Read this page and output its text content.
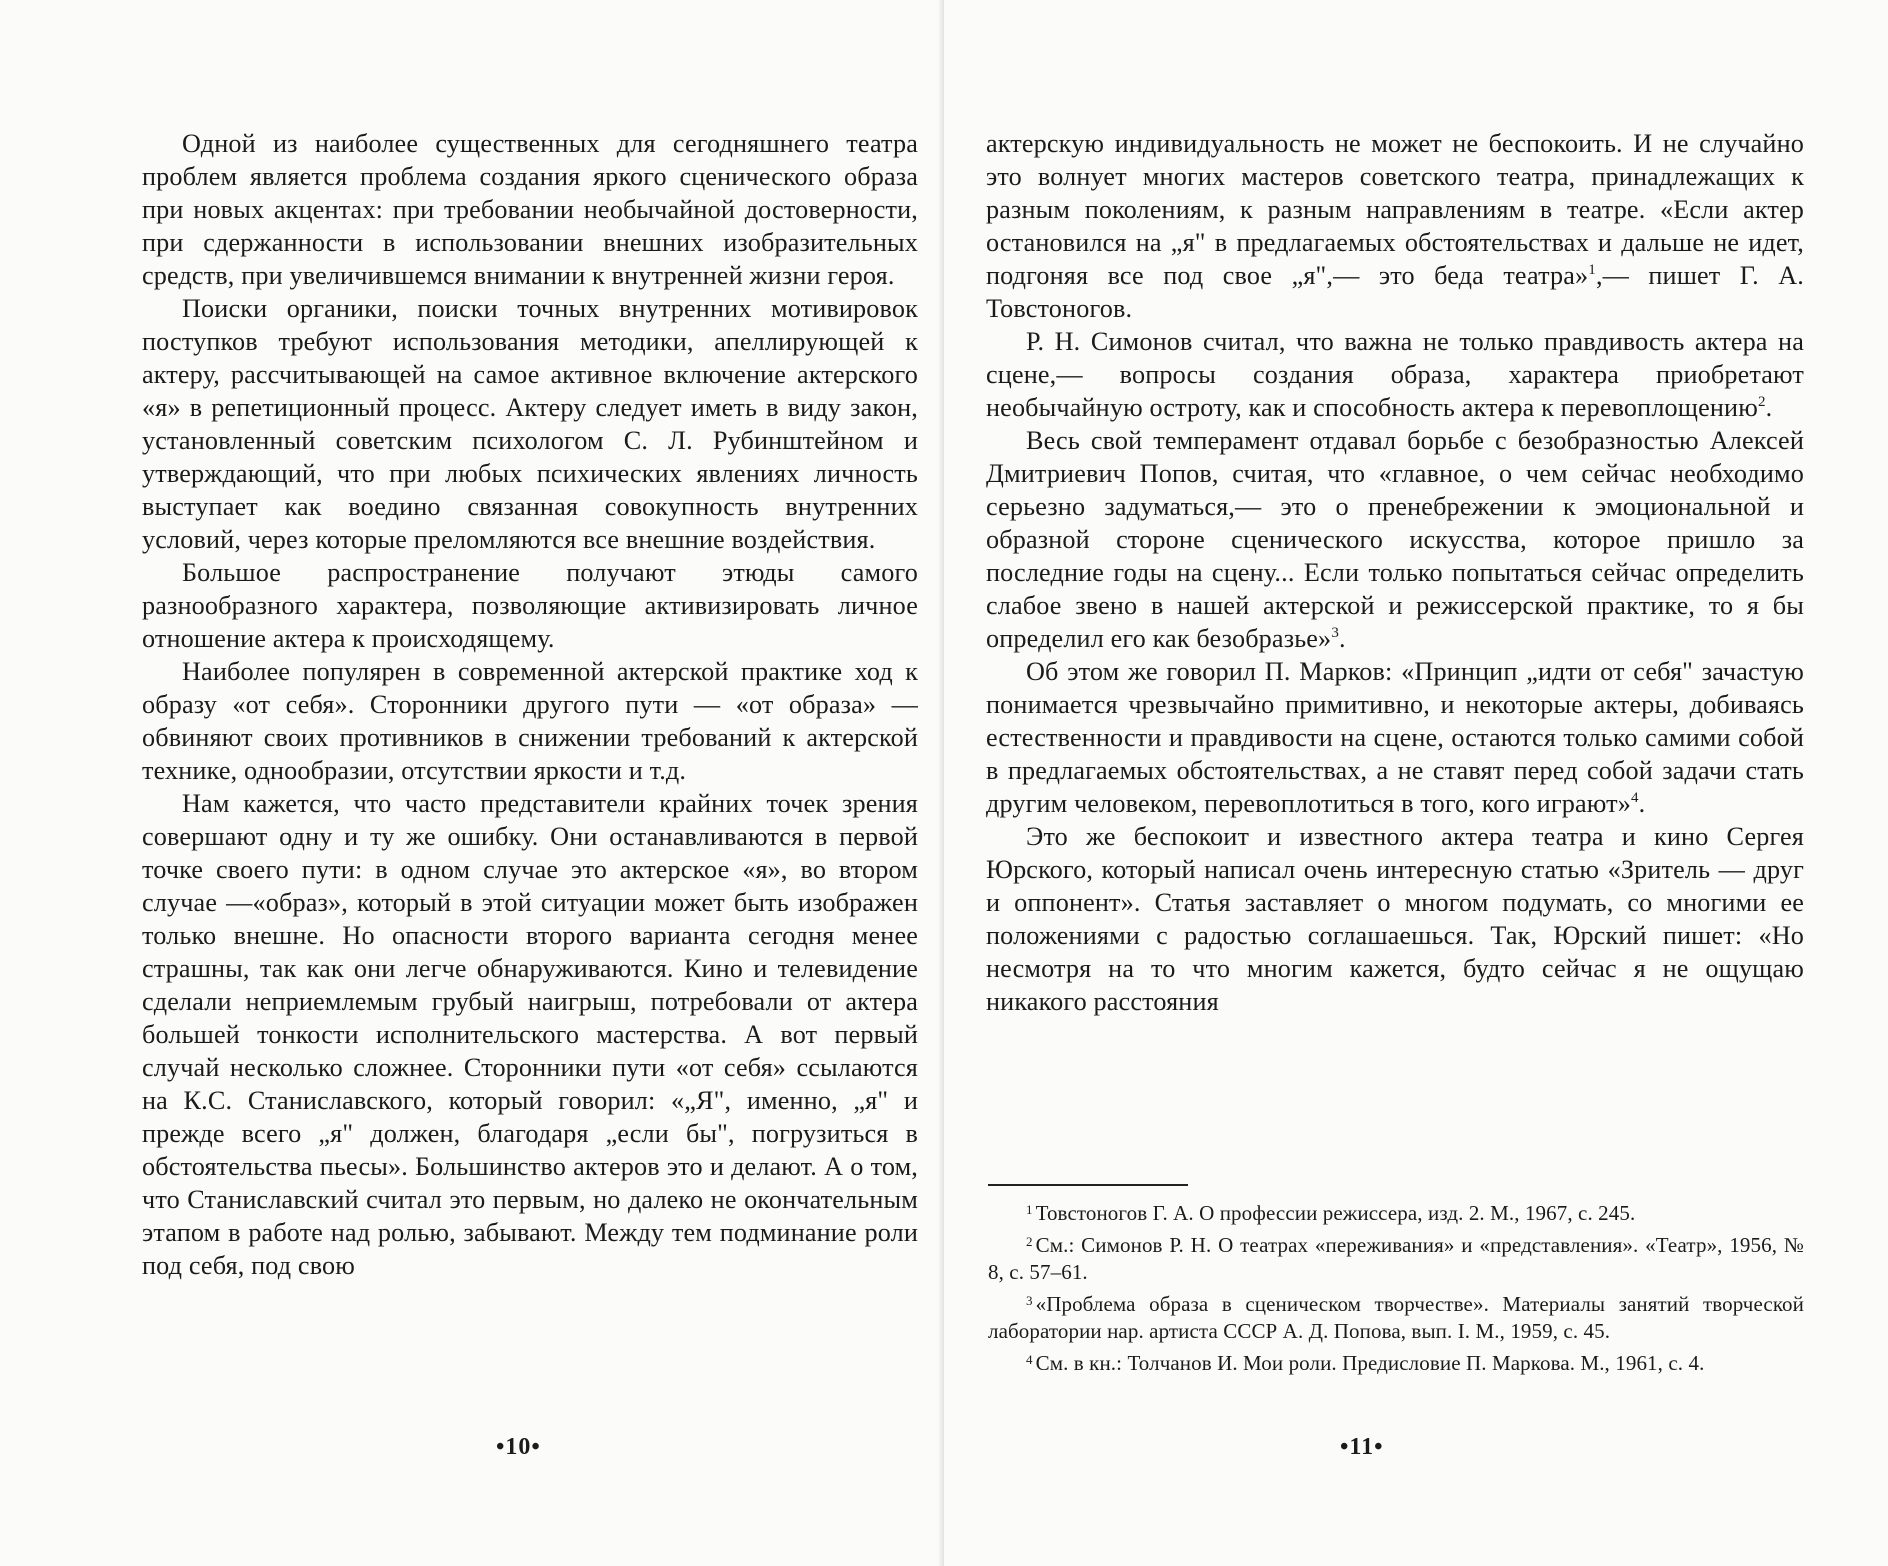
Одной из наиболее существенных для сегодняшнего театра проблем является проблема создания яркого сценического образа при новых акцентах: при требовании необычайной достоверности, при сдержанности в использовании внешних изобразительных средств, при увеличившемся внимании к внутренней жизни героя.

Поиски органики, поиски точных внутренних мотивировок поступков требуют использования методики, апеллирующей к актеру, рассчитывающей на самое активное включение актерского «я» в репетиционный процесс. Актеру следует иметь в виду закон, установленный советским психологом С. Л. Рубинштейном и утверждающий, что при любых психических явлениях личность выступает как воедино связанная совокупность внутренних условий, через которые преломляются все внешние воздействия.

Большое распространение получают этюды самого разнообразного характера, позволяющие активизировать личное отношение актера к происходящему.

Наиболее популярен в современной актерской практике ход к образу «от себя». Сторонники другого пути — «от образа» — обвиняют своих противников в снижении требований к актерской технике, однообразии, отсутствии яркости и т.д.

Нам кажется, что часто представители крайних точек зрения совершают одну и ту же ошибку. Они останавливаются в первой точке своего пути: в одном случае это актерское «я», во втором случае —«образ», который в этой ситуации может быть изображен только внешне. Но опасности второго варианта сегодня менее страшны, так как они легче обнаруживаются. Кино и телевидение сделали неприемлемым грубый наигрыш, потребовали от актера большей тонкости исполнительского мастерства. А вот первый случай несколько сложнее. Сторонники пути «от себя» ссылаются на К.С. Станиславского, который говорил: «„Я", именно, „я" и прежде всего „я" должен, благодаря „если бы", погрузиться в обстоятельства пьесы». Большинство актеров это и делают. А о том, что Станиславский считал это первым, но далеко не окончательным этапом в работе над ролью, забывают. Между тем подминание роли под себя, под свою

•10•

актерскую индивидуальность не может не беспокоить. И не случайно это волнует многих мастеров советского театра, принадлежащих к разным поколениям, к разным направлениям в театре. «Если актер остановился на „я" в предлагаемых обстоятельствах и дальше не идет, подгоняя все под свое „я",— это беда театра»$^1$,— пишет Г. А. Товстоногов.

Р. Н. Симонов считал, что важна не только правдивость актера на сцене,— вопросы создания образа, характера приобретают необычайную остроту, как и способность актера к перевоплощению$^2$.

Весь свой темперамент отдавал борьбе с безобразностью Алексей Дмитриевич Попов, считая, что «главное, о чем сейчас необходимо серьезно задуматься,— это о пренебрежении к эмоциональной и образной стороне сценического искусства, которое пришло за последние годы на сцену... Если только попытаться сейчас определить слабое звено в нашей актерской и режиссерской практике, то я бы определил его как безобразье»$^3$.

Об этом же говорил П. Марков: «Принцип „идти от себя" зачастую понимается чрезвычайно примитивно, и некоторые актеры, добиваясь естественности и правдивости на сцене, остаются только самими собой в предлагаемых обстоятельствах, а не ставят перед собой задачи стать другим человеком, перевоплотиться в того, кого играют»$^4$.

Это же беспокоит и известного актера театра и кино Сергея Юрского, который написал очень интересную статью «Зритель — друг и оппонент». Статья заставляет о многом подумать, со многими ее положениями с радостью соглашаешься. Так, Юрский пишет: «Но несмотря на то что многим кажется, будто сейчас я не ощущаю никакого расстояния

$^1$ Товстоногов Г. А. О профессии режиссера, изд. 2. М., 1967, с. 245.

$^2$ См.: Симонов Р. Н. О театрах «переживания» и «представления». «Театр», 1956, № 8, с. 57–61.

$^3$ «Проблема образа в сценическом творчестве». Материалы занятий творческой лаборатории нар. артиста СССР А. Д. Попова, вып. I. М., 1959, с. 45.

$^4$ См. в кн.: Толчанов И. Мои роли. Предисловие П. Маркова. М., 1961, с. 4.

•11•
